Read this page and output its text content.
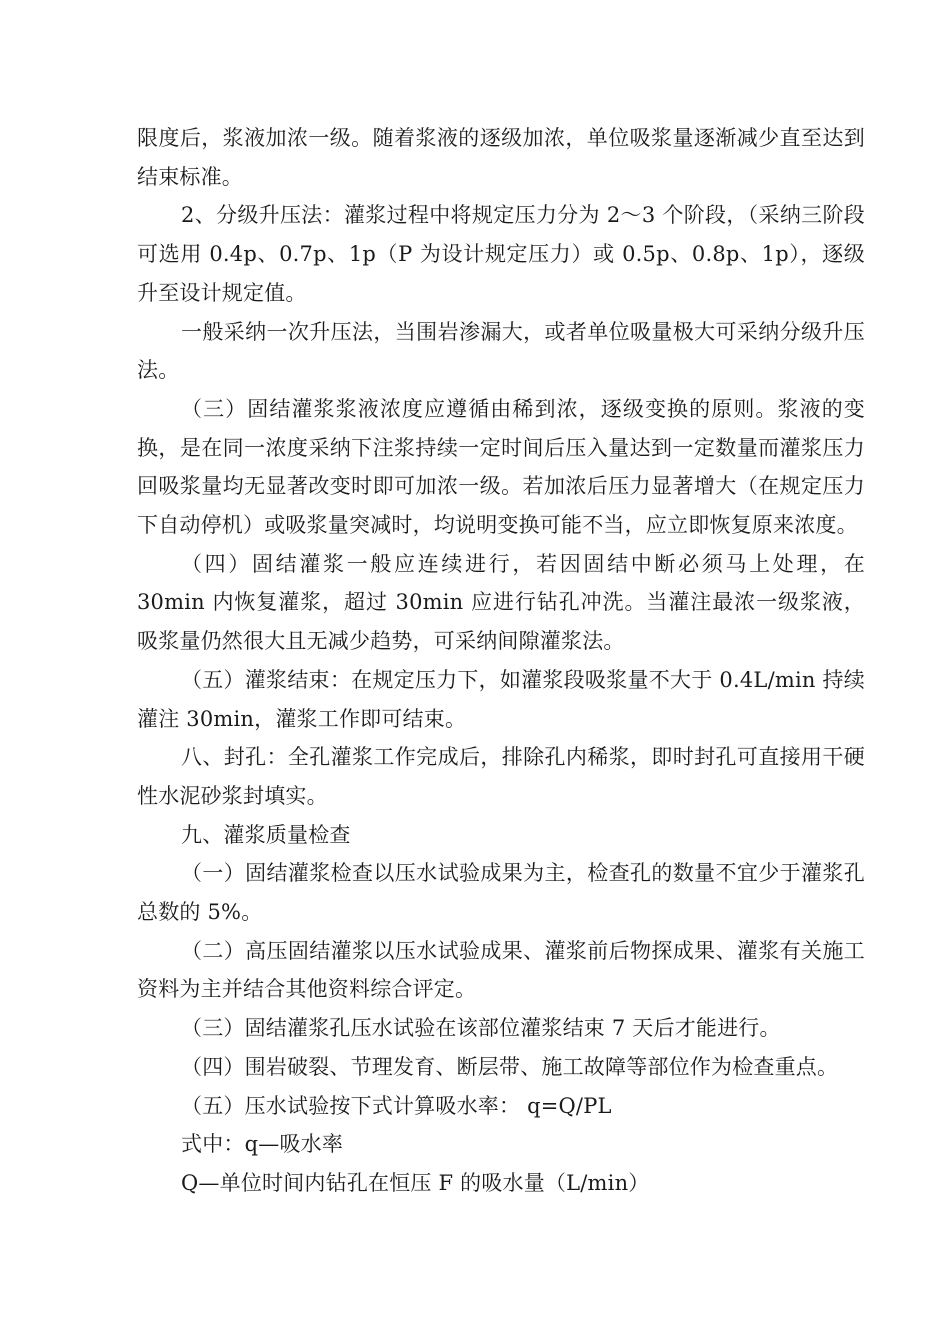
限度后，浆液加浓一级。随着浆液的逐级加浓，单位吸浆量逐渐减少直至达到结束标准。

2、分级升压法：灌浆过程中将规定压力分为 2～3 个阶段，（采纳三阶段可选用 0.4p、0.7p、1p（P 为设计规定压力）或 0.5p、0.8p、1p），逐级升至设计规定值。

一般采纳一次升压法，当围岩渗漏大，或者单位吸量极大可采纳分级升压法。

（三）固结灌浆浆液浓度应遵循由稀到浓，逐级变换的原则。浆液的变换，是在同一浓度采纳下注浆持续一定时间后压入量达到一定数量而灌浆压力回吸浆量均无显著改变时即可加浓一级。若加浓后压力显著增大（在规定压力下自动停机）或吸浆量突减时，均说明变换可能不当，应立即恢复原来浓度。

（四）固结灌浆一般应连续进行，若因固结中断必须马上处理，在 30min 内恢复灌浆，超过 30min 应进行钻孔冲洗。当灌注最浓一级浆液，吸浆量仍然很大且无减少趋势，可采纳间隙灌浆法。

（五）灌浆结束：在规定压力下，如灌浆段吸浆量不大于 0.4L/min 持续灌注 30min，灌浆工作即可结束。

八、封孔：全孔灌浆工作完成后，排除孔内稀浆，即时封孔可直接用干硬性水泥砂浆封填实。

九、灌浆质量检查

（一）固结灌浆检查以压水试验成果为主，检查孔的数量不宜少于灌浆孔总数的 5%。

（二）高压固结灌浆以压水试验成果、灌浆前后物探成果、灌浆有关施工资料为主并结合其他资料综合评定。

（三）固结灌浆孔压水试验在该部位灌浆结束 7 天后才能进行。

（四）围岩破裂、节理发育、断层带、施工故障等部位作为检查重点。

（五）压水试验按下式计算吸水率： q=Q/PL

式中：q—吸水率

Q—单位时间内钻孔在恒压 F 的吸水量（L/min）
